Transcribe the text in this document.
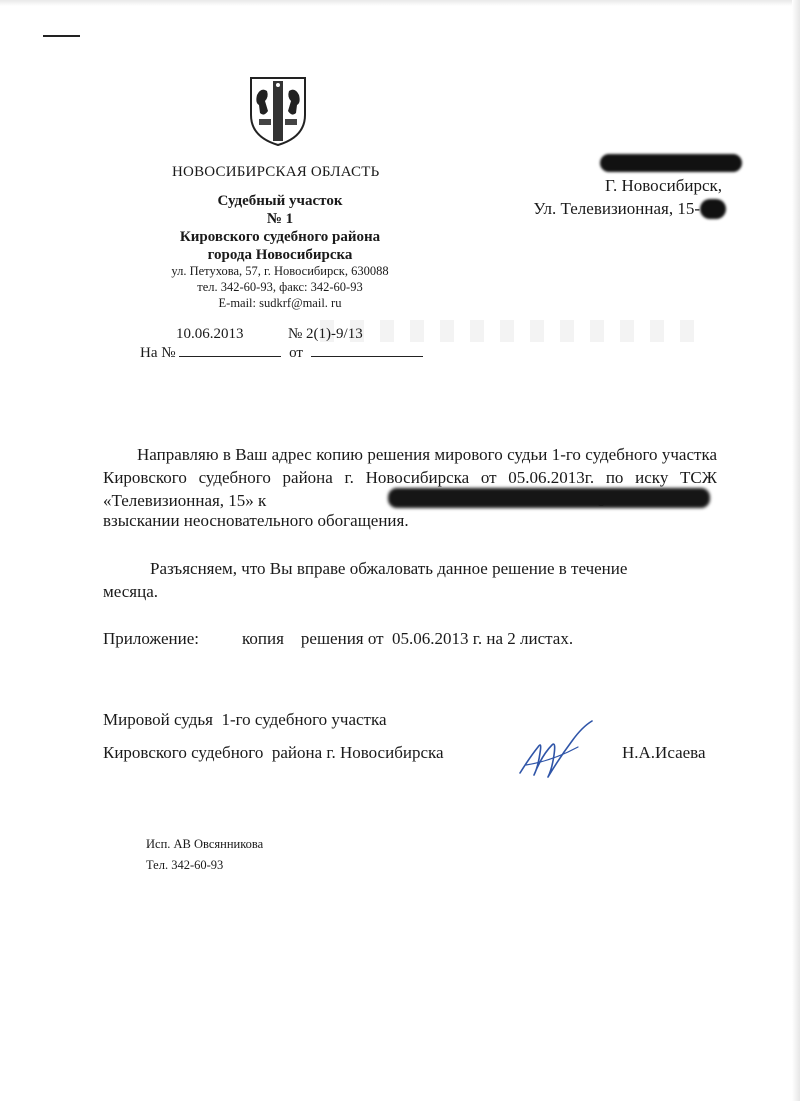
НОВОСИБИРСКАЯ ОБЛАСТЬ
Судебный участок
№ 1
Кировского судебного района
города Новосибирска
ул. Петухова, 57, г. Новосибирск, 630088
тел. 342-60-93, факс: 342-60-93
E-mail: sudkrf@mail. ru
10.06.2013	№ 2(1)-9/13
На №	от
Г. Новосибирск,
Ул. Телевизионная, 15-
Направляю в Ваш адрес копию решения мирового судьи 1-го судебного участка Кировского судебного района г. Новосибирска от 05.06.2013г. по иску ТСЖ «Телевизионная, 15» к
взыскании неосновательного обогащения.
Разъясняем, что Вы вправе обжаловать данное решение в течение
месяца.
Приложение:	копия    решения от  05.06.2013 г. на 2 листах.
Мировой судья  1-го судебного участка
Кировского судебного  района г. Новосибирска	Н.А.Исаева
Исп. АВ Овсянникова
Тел. 342-60-93
